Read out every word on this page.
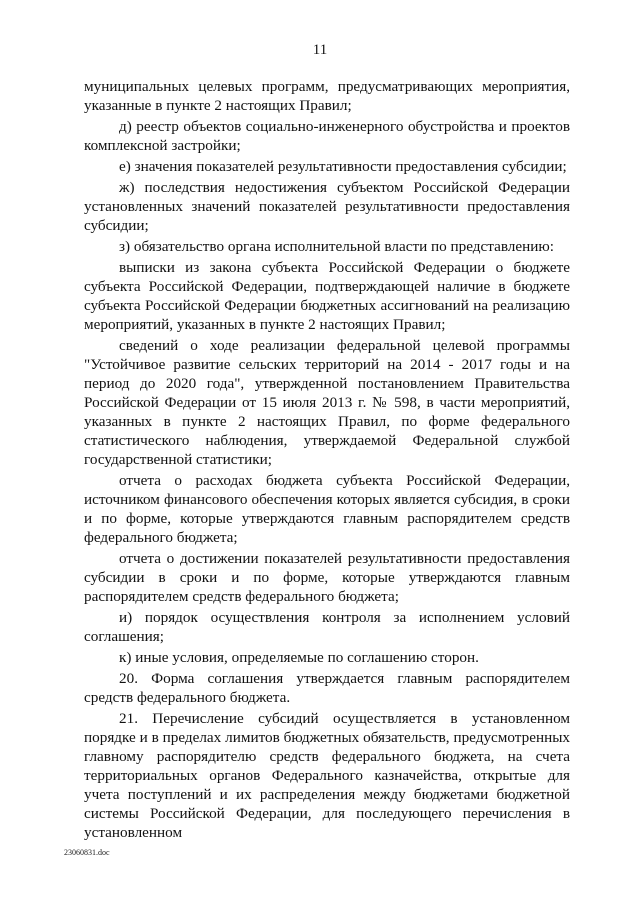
11

муниципальных целевых программ, предусматривающих мероприятия, указанные в пункте 2 настоящих Правил;

д) реестр объектов социально-инженерного обустройства и проектов комплексной застройки;

е) значения показателей результативности предоставления субсидии;

ж) последствия недостижения субъектом Российской Федерации установленных значений показателей результативности предоставления субсидии;

з) обязательство органа исполнительной власти по представлению:

выписки из закона субъекта Российской Федерации о бюджете субъекта Российской Федерации, подтверждающей наличие в бюджете субъекта Российской Федерации бюджетных ассигнований на реализацию мероприятий, указанных в пункте 2 настоящих Правил;

сведений о ходе реализации федеральной целевой программы "Устойчивое развитие сельских территорий на 2014 - 2017 годы и на период до 2020 года", утвержденной постановлением Правительства Российской Федерации от 15 июля 2013 г. № 598, в части мероприятий, указанных в пункте 2 настоящих Правил, по форме федерального статистического наблюдения, утверждаемой Федеральной службой государственной статистики;

отчета о расходах бюджета субъекта Российской Федерации, источником финансового обеспечения которых является субсидия, в сроки и по форме, которые утверждаются главным распорядителем средств федерального бюджета;

отчета о достижении показателей результативности предоставления субсидии в сроки и по форме, которые утверждаются главным распорядителем средств федерального бюджета;

и) порядок осуществления контроля за исполнением условий соглашения;

к) иные условия, определяемые по соглашению сторон.

20. Форма соглашения утверждается главным распорядителем средств федерального бюджета.

21. Перечисление субсидий осуществляется в установленном порядке и в пределах лимитов бюджетных обязательств, предусмотренных главному распорядителю средств федерального бюджета, на счета территориальных органов Федерального казначейства, открытые для учета поступлений и их распределения между бюджетами бюджетной системы Российской Федерации, для последующего перечисления в установленном

23060831.doc
